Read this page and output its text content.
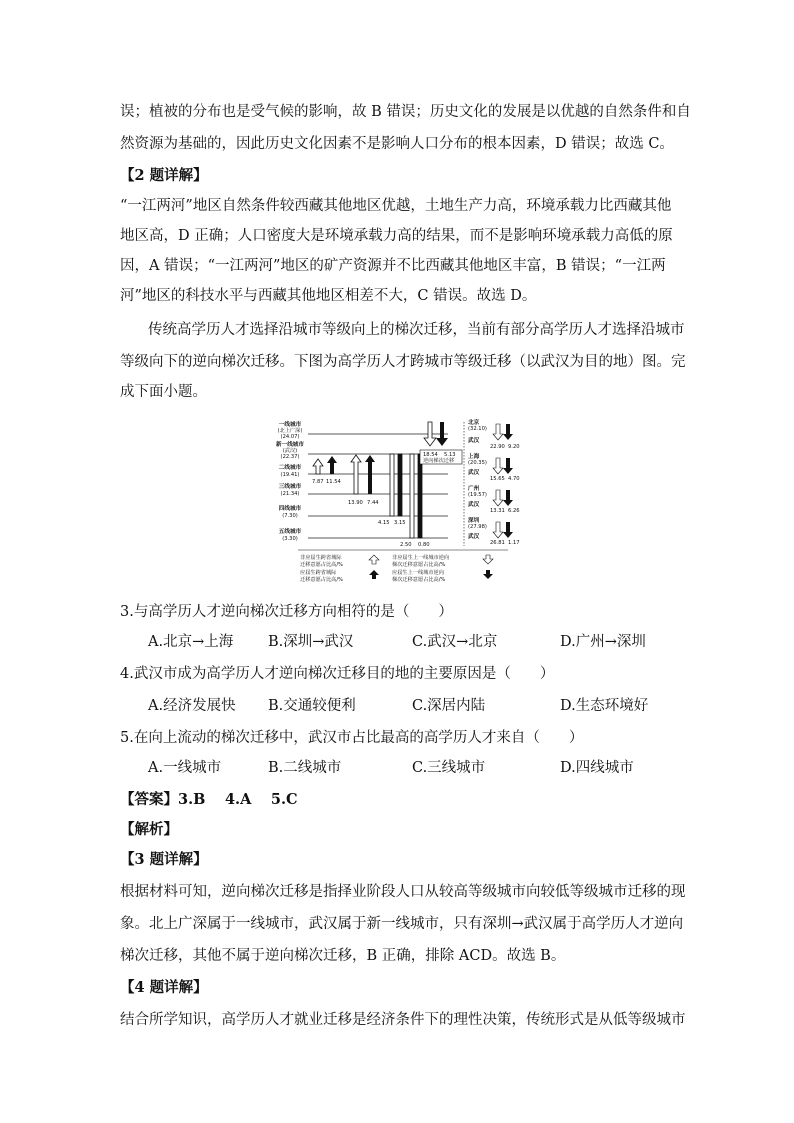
误；植被的分布也是受气候的影响，故 B 错误；历史文化的发展是以优越的自然条件和自
然资源为基础的，因此历史文化因素不是影响人口分布的根本因素，D 错误；故选 C。
【2 题详解】
“一江两河”地区自然条件较西藏其他地区优越，土地生产力高，环境承载力比西藏其他
地区高，D 正确；人口密度大是环境承载力高的结果，而不是影响环境承载力高低的原
因，A 错误；“一江两河”地区的矿产资源并不比西藏其他地区丰富，B 错误；“一江两
河”地区的科技水平与西藏其他地区相差不大，C 错误。故选 D。
传统高学历人才选择沿城市等级向上的梯次迁移，当前有部分高学历人才选择沿城市
等级向下的逆向梯次迁移。下图为高学历人才跨城市等级迁移（以武汉为目的地）图。完
成下面小题。
一线城市
(北上广深)
(24.07)
新一线城市
(武汉)
(22.37)
二线城市
(19.41)
三线城市
(21.34)
四线城市
(7.30)
五线城市
(3.30)
7.87 11.54
13.90 7.44
4.15 3.15
2.50 0.80
18.54 5.13
逆向梯次迁移
北京
(32.10)
武汉
22.90 9.20
上海
(20.35)
武汉
15.65 4.70
广州
(19.57)
武汉
13.31 6.26
深圳
(27.98)
武汉
26.81 1.17
非应届生跨省城际
迁移意愿占比高/%
应届生跨省城际
迁移意愿占比高/%
非应届生上一线城市逆向
梯次迁移意愿占比高/%
应届生上一线城市逆向
梯次迁移意愿占比高/%
3.与高学历人才逆向梯次迁移方向相符的是（　　）
A.北京→上海 B.深圳→武汉	C.武汉→北京	D.广州→深圳
4.武汉市成为高学历人才逆向梯次迁移目的地的主要原因是（　　）
A.经济发展快 B.交通较便利	C.深居内陆	D.生态环境好
5.在向上流动的梯次迁移中，武汉市占比最高的高学历人才来自（　　）
A.一线城市	B.二线城市	C.三线城市	D.四线城市
【答案】3.B　 4.A　 5.C
【解析】
【3 题详解】
根据材料可知，逆向梯次迁移是指择业阶段人口从较高等级城市向较低等级城市迁移的现
象。北上广深属于一线城市，武汉属于新一线城市，只有深圳→武汉属于高学历人才逆向
梯次迁移，其他不属于逆向梯次迁移，B 正确，排除 ACD。故选 B。
【4 题详解】
结合所学知识，高学历人才就业迁移是经济条件下的理性决策，传统形式是从低等级城市
